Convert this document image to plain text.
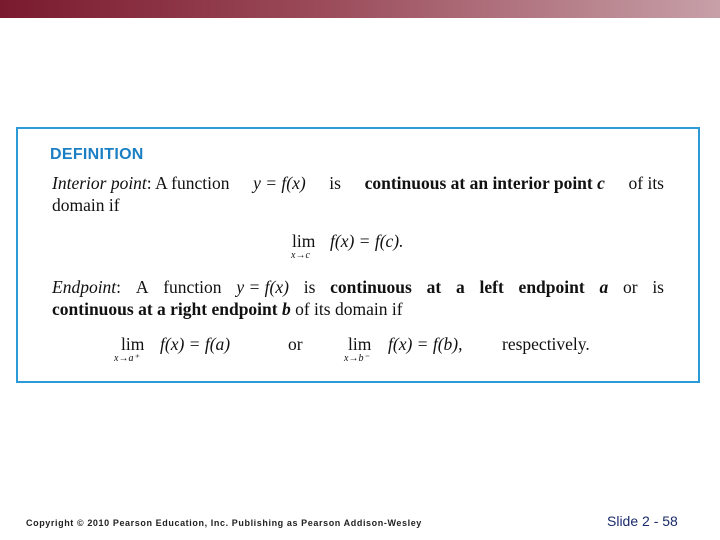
DEFINITION
Interior point: A function y = f(x) is continuous at an interior point c of its
domain if
lim
x→c
f(x) = f(c).
Endpoint: A function y = f(x) is continuous at a left endpoint a or is
continuous at a right endpoint b of its domain if
lim
x→a⁺
f(x) = f(a)	or	lim
x→b⁻
f(x) = f(b), respectively.
Copyright © 2010 Pearson Education, Inc. Publishing as Pearson Addison-Wesley	Slide 2 - 58
